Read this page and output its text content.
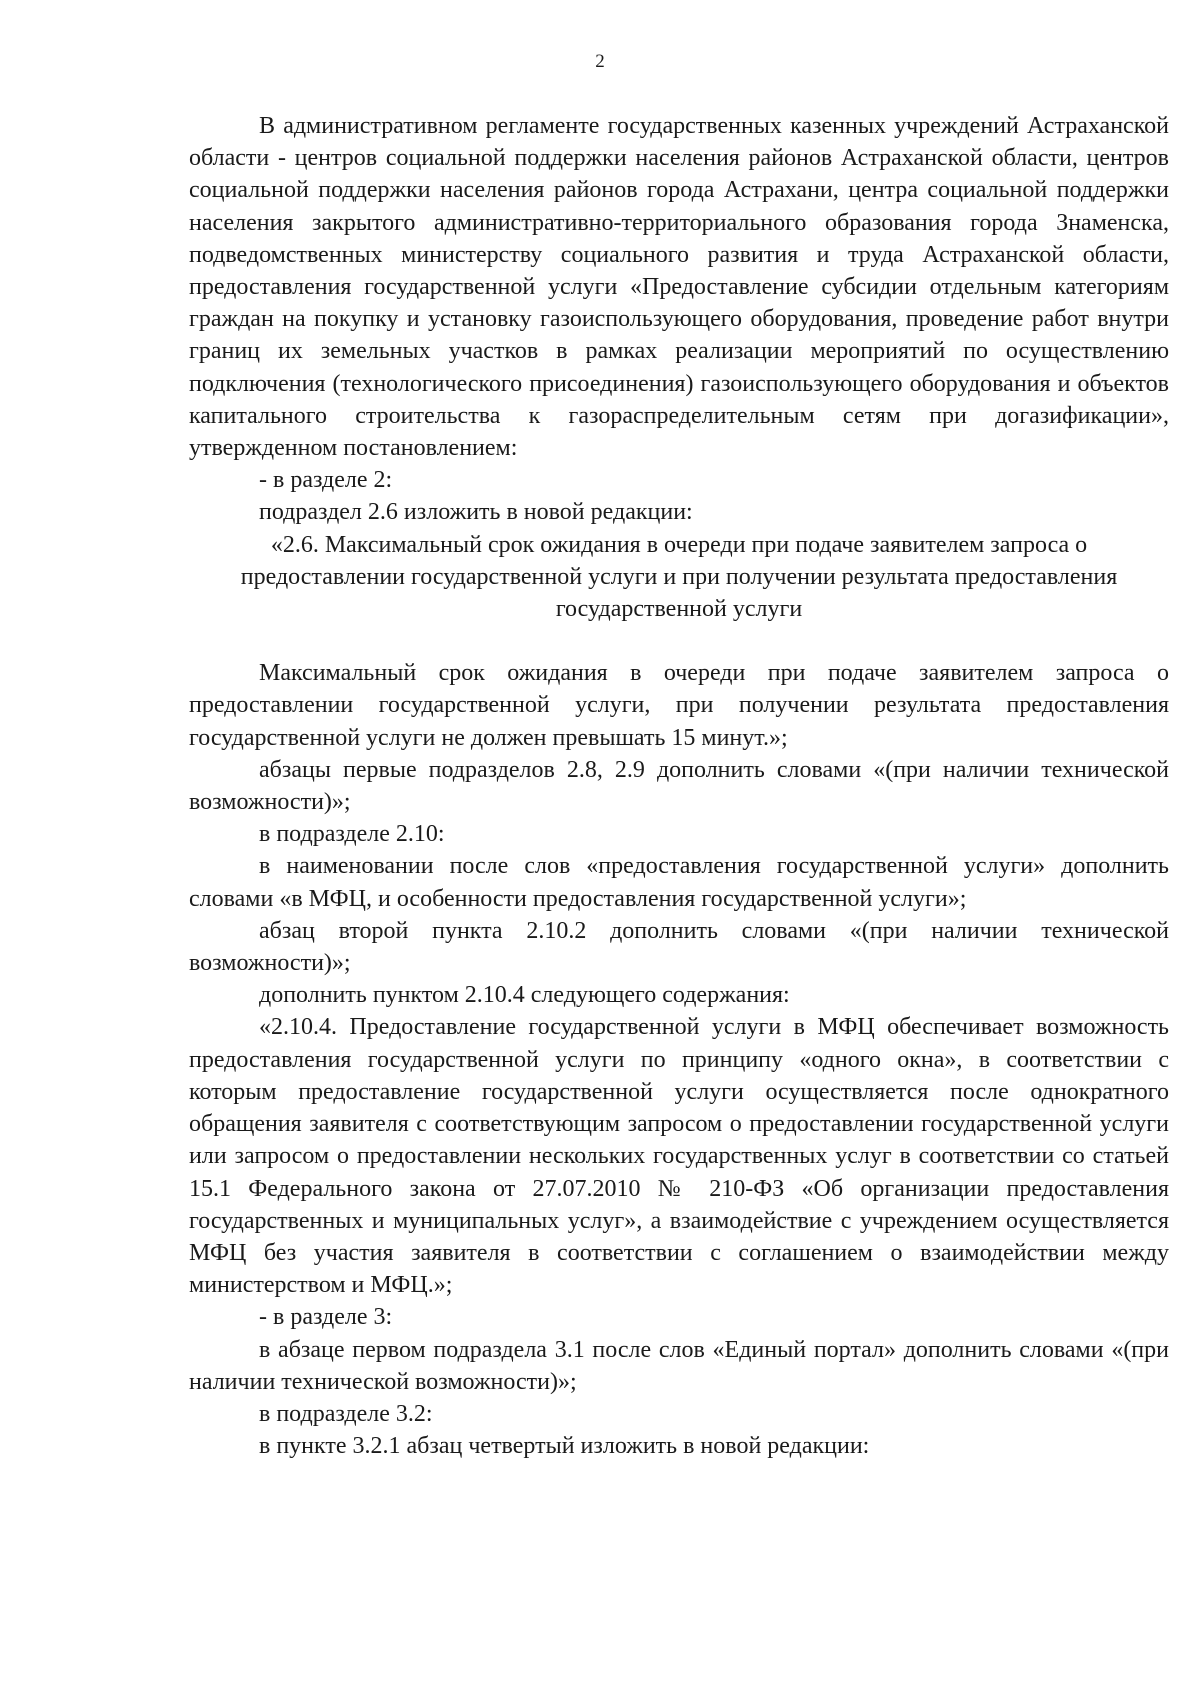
2

В административном регламенте государственных казенных учреждений Астраханской области - центров социальной поддержки населения районов Астраханской области, центров социальной поддержки населения районов города Астрахани, центра социальной поддержки населения закрытого административно-территориального образования города Знаменска, подведомственных министерству социального развития и труда Астраханской области, предоставления государственной услуги «Предоставление субсидии отдельным категориям граждан на покупку и установку газоиспользующего оборудования, проведение работ внутри границ их земельных участков в рамках реализации мероприятий по осуществлению подключения (технологического присоединения) газоиспользующего оборудования и объектов капитального строительства к газораспределительным сетям при догазификации», утвержденном постановлением:

- в разделе 2:

подраздел 2.6 изложить в новой редакции:

«2.6. Максимальный срок ожидания в очереди при подаче заявителем запроса о предоставлении государственной услуги и при получении результата предоставления государственной услуги

Максимальный срок ожидания в очереди при подаче заявителем запроса о предоставлении государственной услуги, при получении результата предоставления государственной услуги не должен превышать 15 минут.»;

абзацы первые подразделов 2.8, 2.9 дополнить словами «(при наличии технической возможности)»;

в подразделе 2.10:

в наименовании после слов «предоставления государственной услуги» дополнить словами «в МФЦ, и особенности предоставления государственной услуги»;

абзац второй пункта 2.10.2 дополнить словами «(при наличии технической возможности)»;

дополнить пунктом 2.10.4 следующего содержания:

«2.10.4. Предоставление государственной услуги в МФЦ обеспечивает возможность предоставления государственной услуги по принципу «одного окна», в соответствии с которым предоставление государственной услуги осуществляется после однократного обращения заявителя с соответствующим запросом о предоставлении государственной услуги или запросом о предоставлении нескольких государственных услуг в соответствии со статьей 15.1 Федерального закона от 27.07.2010 № 210-ФЗ «Об организации предоставления государственных и муниципальных услуг», а взаимодействие с учреждением осуществляется МФЦ без участия заявителя в соответствии с соглашением о взаимодействии между министерством и МФЦ.»;

- в разделе 3:

в абзаце первом подраздела 3.1 после слов «Единый портал» дополнить словами «(при наличии технической возможности)»;

в подразделе 3.2:

в пункте 3.2.1 абзац четвертый изложить в новой редакции:
